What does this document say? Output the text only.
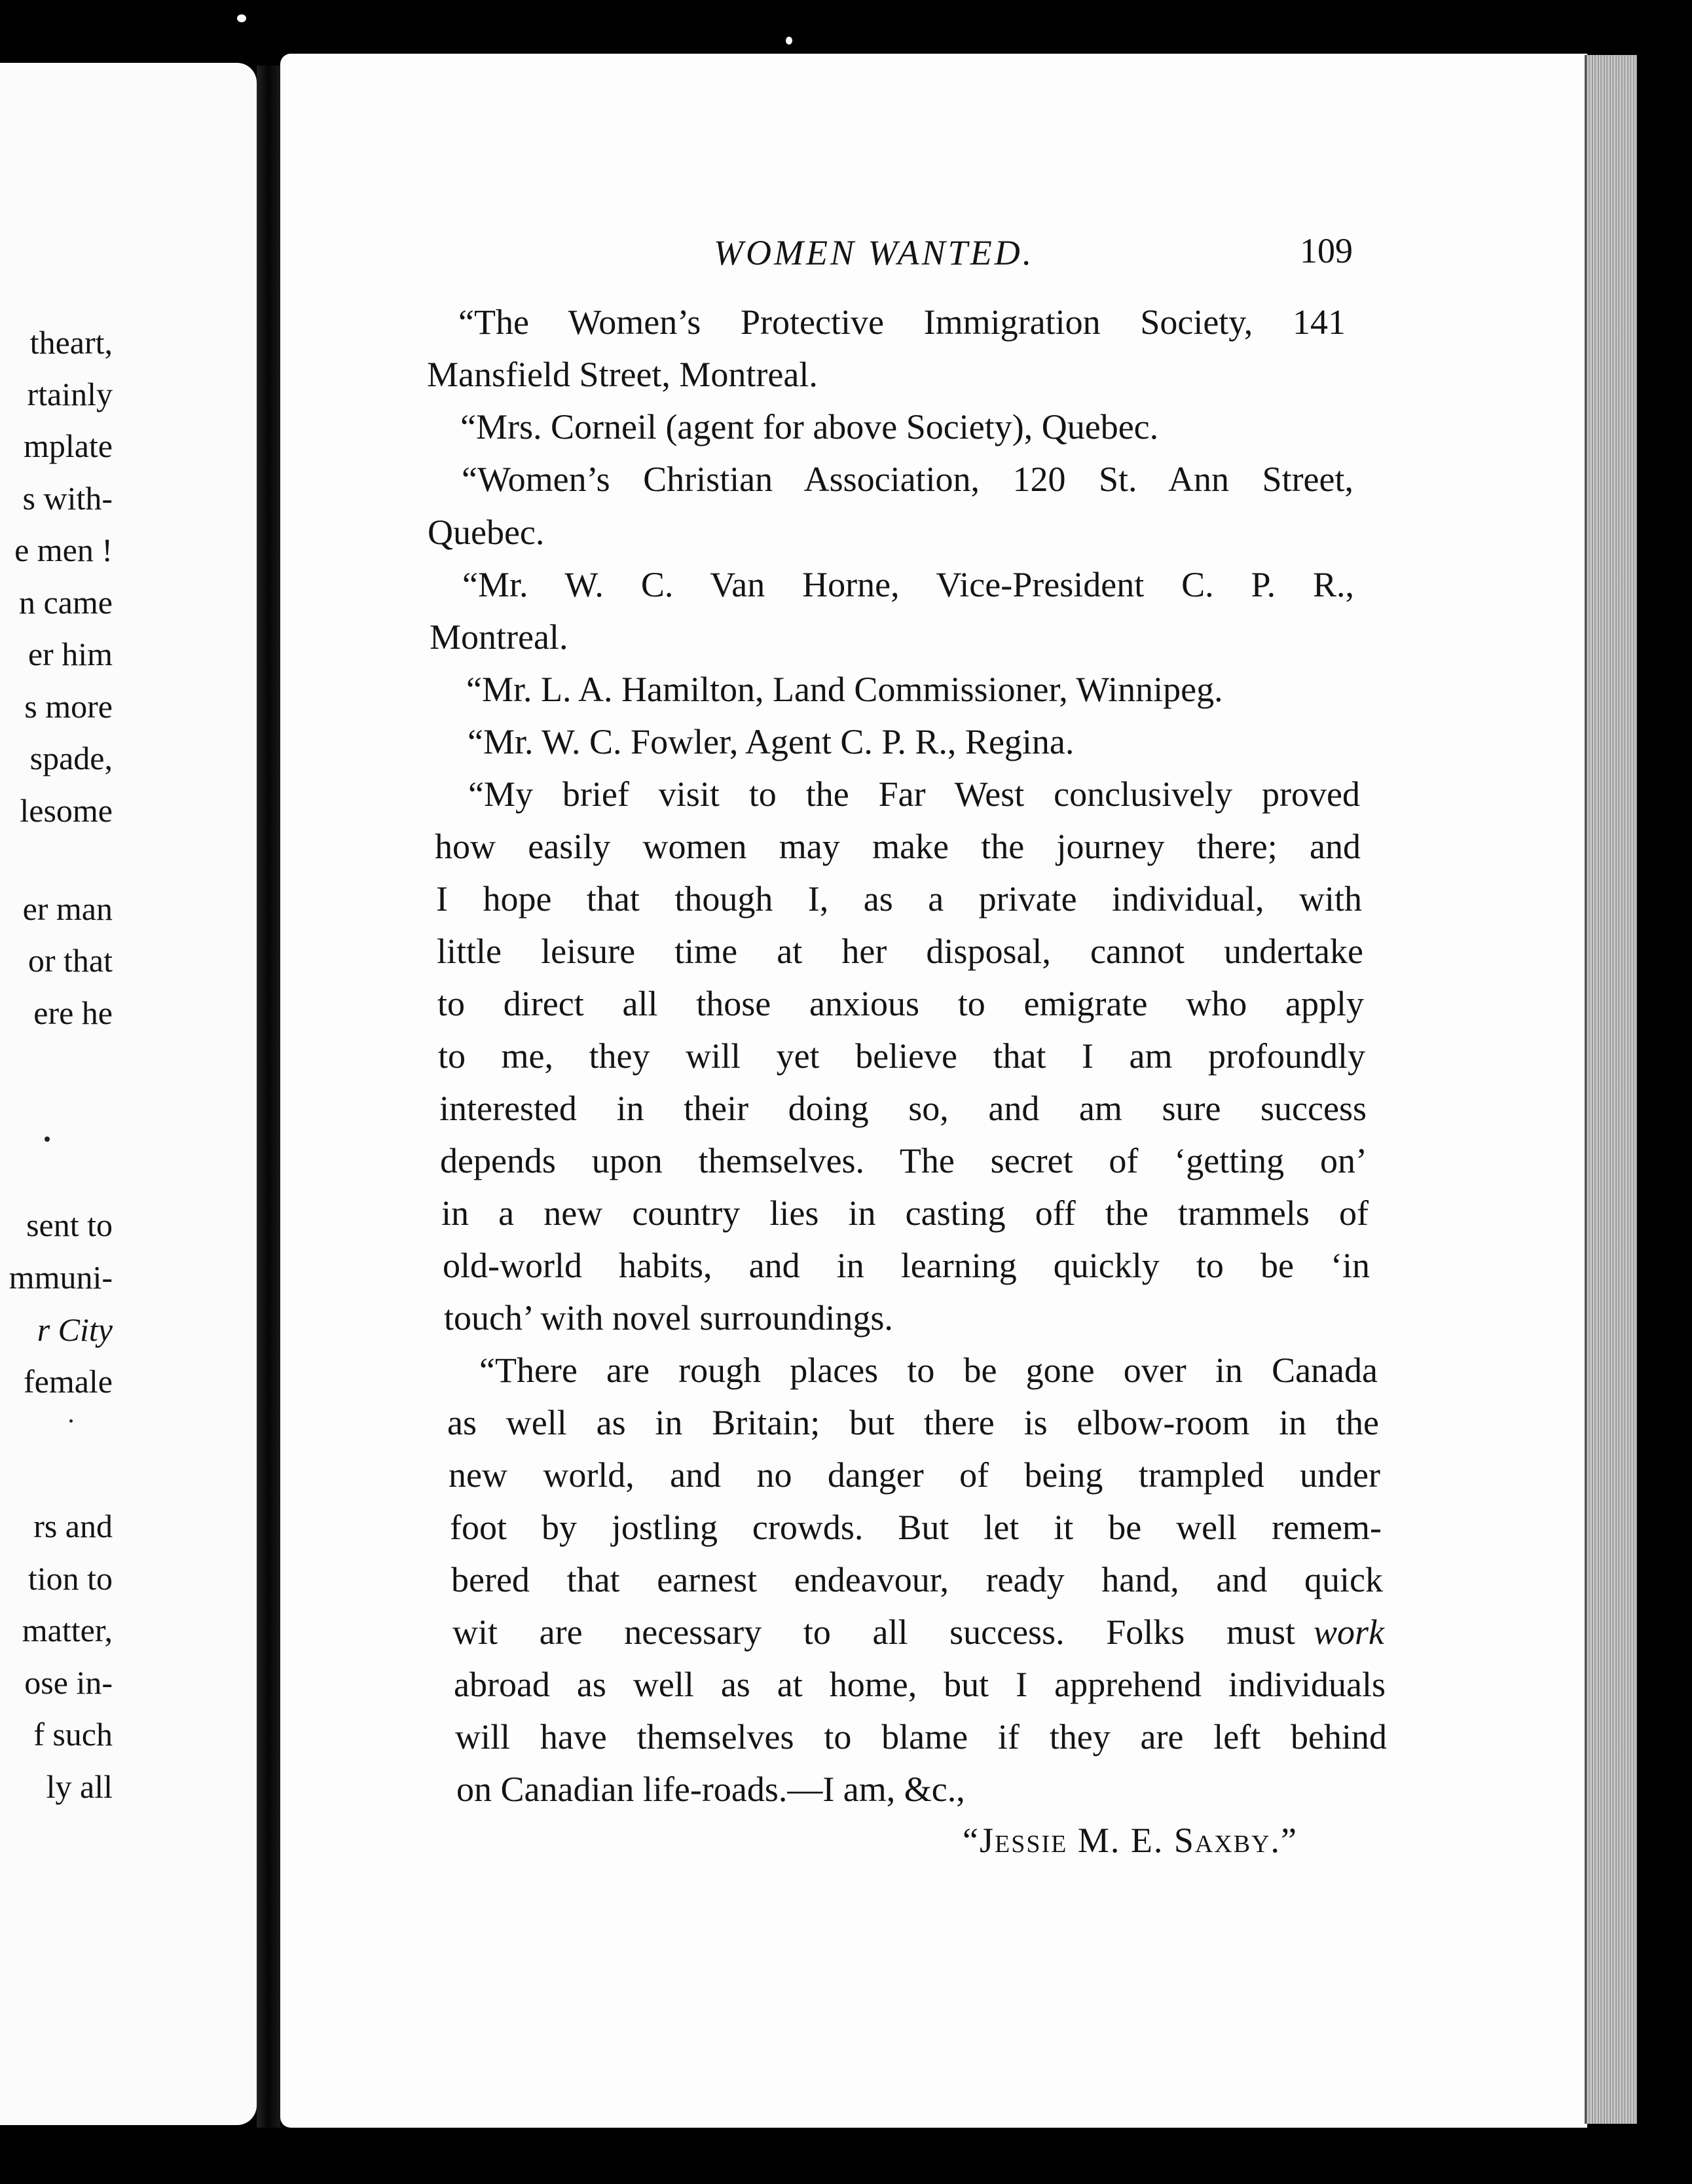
theart,
rtainly
mplate
s with-
e men !
n came
er him
s more
spade,
lesome
er man
or that
ere he
sent to
mmuni-
r City
female
rs and
tion to
matter,
ose in-
f such
ly all
WOMEN WANTED.	109
“The Women’s Protective Immigration Society, 141
Mansfield Street, Montreal.
“Mrs. Corneil (agent for above Society), Quebec.
“Women’s Christian Association, 120 St. Ann Street,
Quebec.
“Mr. W. C. Van Horne, Vice-President C. P. R.,
Montreal.
“Mr. L. A. Hamilton, Land Commissioner, Winnipeg.
“Mr. W. C. Fowler, Agent C. P. R., Regina.
“My brief visit to the Far West conclusively proved
how easily women may make the journey there; and
I hope that though I, as a private individual, with
little leisure time at her disposal, cannot undertake
to direct all those anxious to emigrate who apply
to me, they will yet believe that I am profoundly
interested in their doing so, and am sure success
depends upon themselves. The secret of ‘getting on’
in a new country lies in casting off the trammels of
old-world habits, and in learning quickly to be ‘in
touch’ with novel surroundings.
“There are rough places to be gone over in Canada
as well as in Britain; but there is elbow-room in the
new world, and no danger of being trampled under
foot by jostling crowds. But let it be well remem-
bered that earnest endeavour, ready hand, and quick
wit are necessary to all success. Folks must work
abroad as well as at home, but I apprehend individuals
will have themselves to blame if they are left behind
on Canadian life-roads.—I am, &c.,
“Jessie M. E. Saxby.”
